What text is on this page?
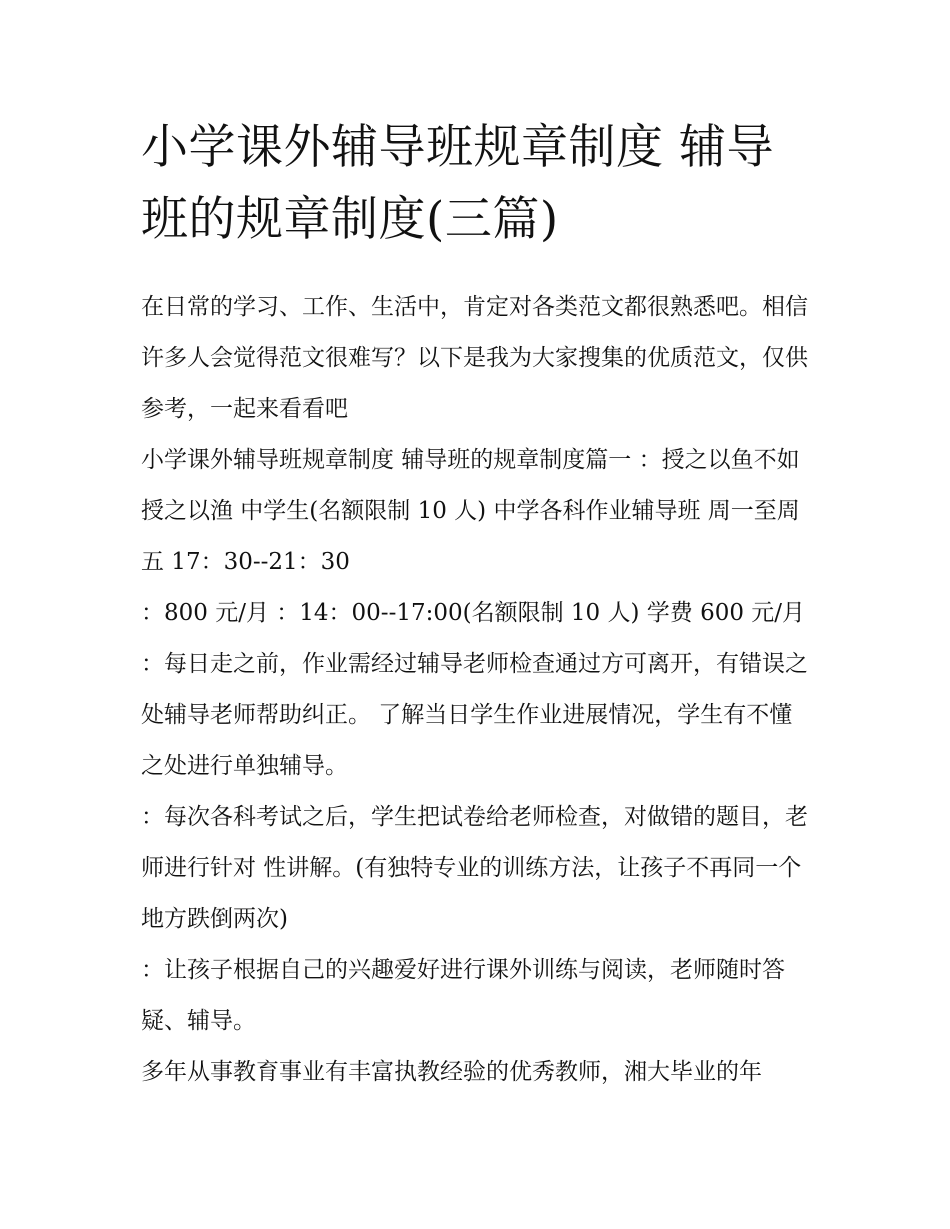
小学课外辅导班规章制度 辅导班的规章制度(三篇)

在日常的学习、工作、生活中，肯定对各类范文都很熟悉吧。相信许多人会觉得范文很难写？以下是我为大家搜集的优质范文，仅供参考，一起来看看吧

小学课外辅导班规章制度 辅导班的规章制度篇一 ：授之以鱼不如授之以渔 中学生(名额限制 10 人) 中学各科作业辅导班 周一至周五 17：30--21：30

：800 元/月 ：14：00--17:00(名额限制 10 人) 学费 600 元/月

：每日走之前，作业需经过辅导老师检查通过方可离开，有错误之处辅导老师帮助纠正。 了解当日学生作业进展情况，学生有不懂之处进行单独辅导。

：每次各科考试之后，学生把试卷给老师检查，对做错的题目，老师进行针对 性讲解。(有独特专业的训练方法，让孩子不再同一个地方跌倒两次)

：让孩子根据自己的兴趣爱好进行课外训练与阅读，老师随时答疑、辅导。

多年从事教育事业有丰富执教经验的优秀教师，湘大毕业的年
